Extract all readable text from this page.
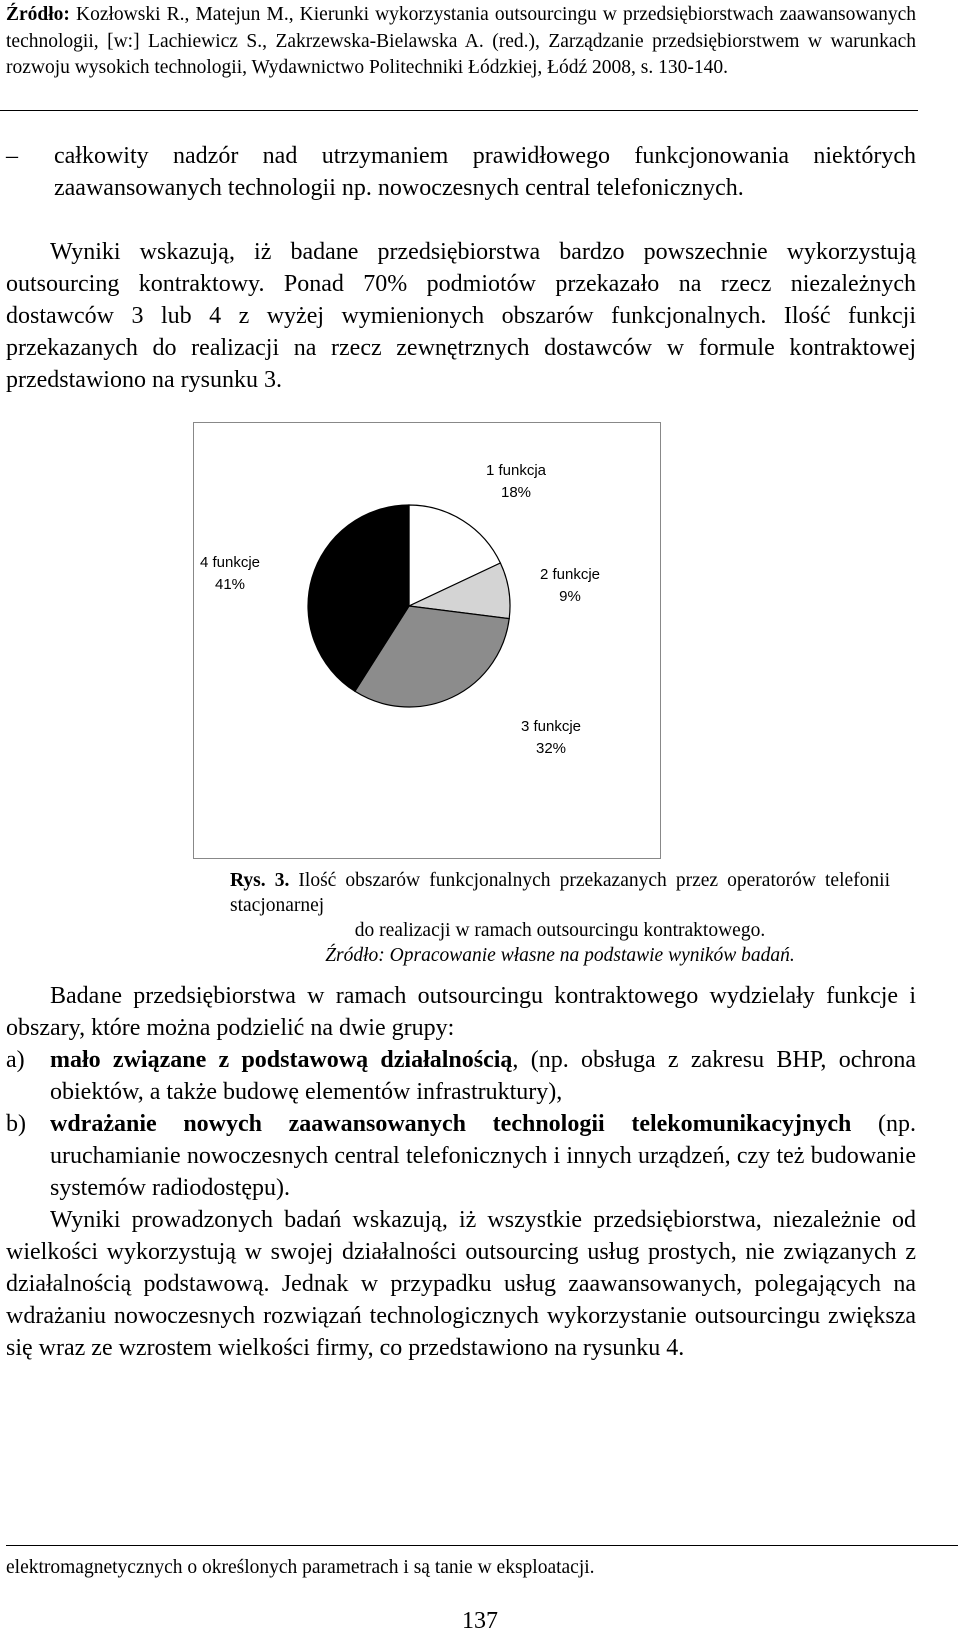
Źródło: Kozłowski R., Matejun M., Kierunki wykorzystania outsourcingu w przedsiębiorstwach zaawansowanych technologii, [w:] Lachiewicz S., Zakrzewska-Bielawska A. (red.), Zarządzanie przedsiębiorstwem w warunkach rozwoju wysokich technologii, Wydawnictwo Politechniki Łódzkiej, Łódź 2008, s. 130-140.
–	całkowity nadzór nad utrzymaniem prawidłowego funkcjonowania niektórych zaawansowanych technologii np. nowoczesnych central telefonicznych.
Wyniki wskazują, iż badane przedsiębiorstwa bardzo powszechnie wykorzystują outsourcing kontraktowy. Ponad 70% podmiotów przekazało na rzecz niezależnych dostawców 3 lub 4 z wyżej wymienionych obszarów funkcjonalnych. Ilość funkcji przekazanych do realizacji na rzecz zewnętrznych dostawców w formule kontraktowej przedstawiono na rysunku 3.
1 funkcja
18%
2 funkcje
9%
3 funkcje
32%
4 funkcje
41%
Rys. 3. Ilość obszarów funkcjonalnych przekazanych przez operatorów telefonii stacjonarnej
do realizacji w ramach outsourcingu kontraktowego.
Źródło: Opracowanie własne na podstawie wyników badań.
Badane przedsiębiorstwa w ramach outsourcingu kontraktowego wydzielały funkcje i obszary, które można podzielić na dwie grupy:
a) mało związane z podstawową działalnością, (np. obsługa z zakresu BHP, ochrona obiektów, a także budowę elementów infrastruktury),
b) wdrażanie nowych zaawansowanych technologii telekomunikacyjnych (np. uruchamianie nowoczesnych central telefonicznych i innych urządzeń, czy też budowanie systemów radiodostępu).
Wyniki prowadzonych badań wskazują, iż wszystkie przedsiębiorstwa, niezależnie od wielkości wykorzystują w swojej działalności outsourcing usług prostych, nie związanych z działalnością podstawową. Jednak w przypadku usług zaawansowanych, polegających na wdrażaniu nowoczesnych rozwiązań technologicznych wykorzystanie outsourcingu zwiększa się wraz ze wzrostem wielkości firmy, co przedstawiono na rysunku 4.
elektromagnetycznych o określonych parametrach i są tanie w eksploatacji.
137
